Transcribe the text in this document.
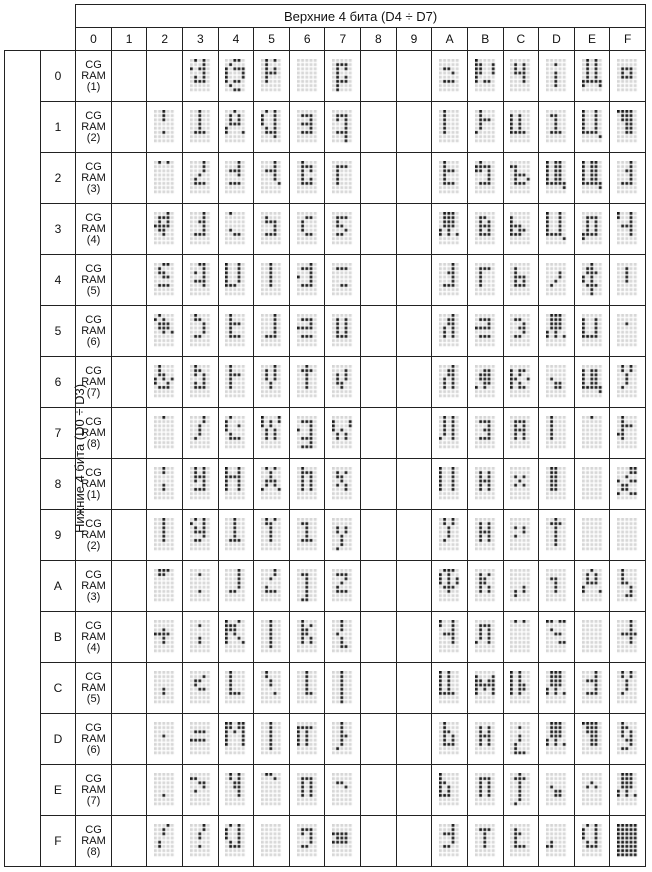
		Верхние 4 бита (D4 ÷ D7)															
		0	1	2	3	4	5	6	7	8	9	A	B	C	D	E	F
Нижние 4 бита (D0 ÷ D3)	0	CG
RAM
(1)

	1	CG
RAM
(2)

	2	CG
RAM
(3)

	3	CG
RAM
(4)

	4	CG
RAM
(5)

	5	CG
RAM
(6)

	6	CG
RAM
(7)

	7	CG
RAM
(8)

	8	CG
RAM
(1)

	9	CG
RAM
(2)

	A	CG
RAM
(3)

	B	CG
RAM
(4)

	C	CG
RAM
(5)

	D	CG
RAM
(6)

	E	CG
RAM
(7)

	F	CG
RAM
(8)
